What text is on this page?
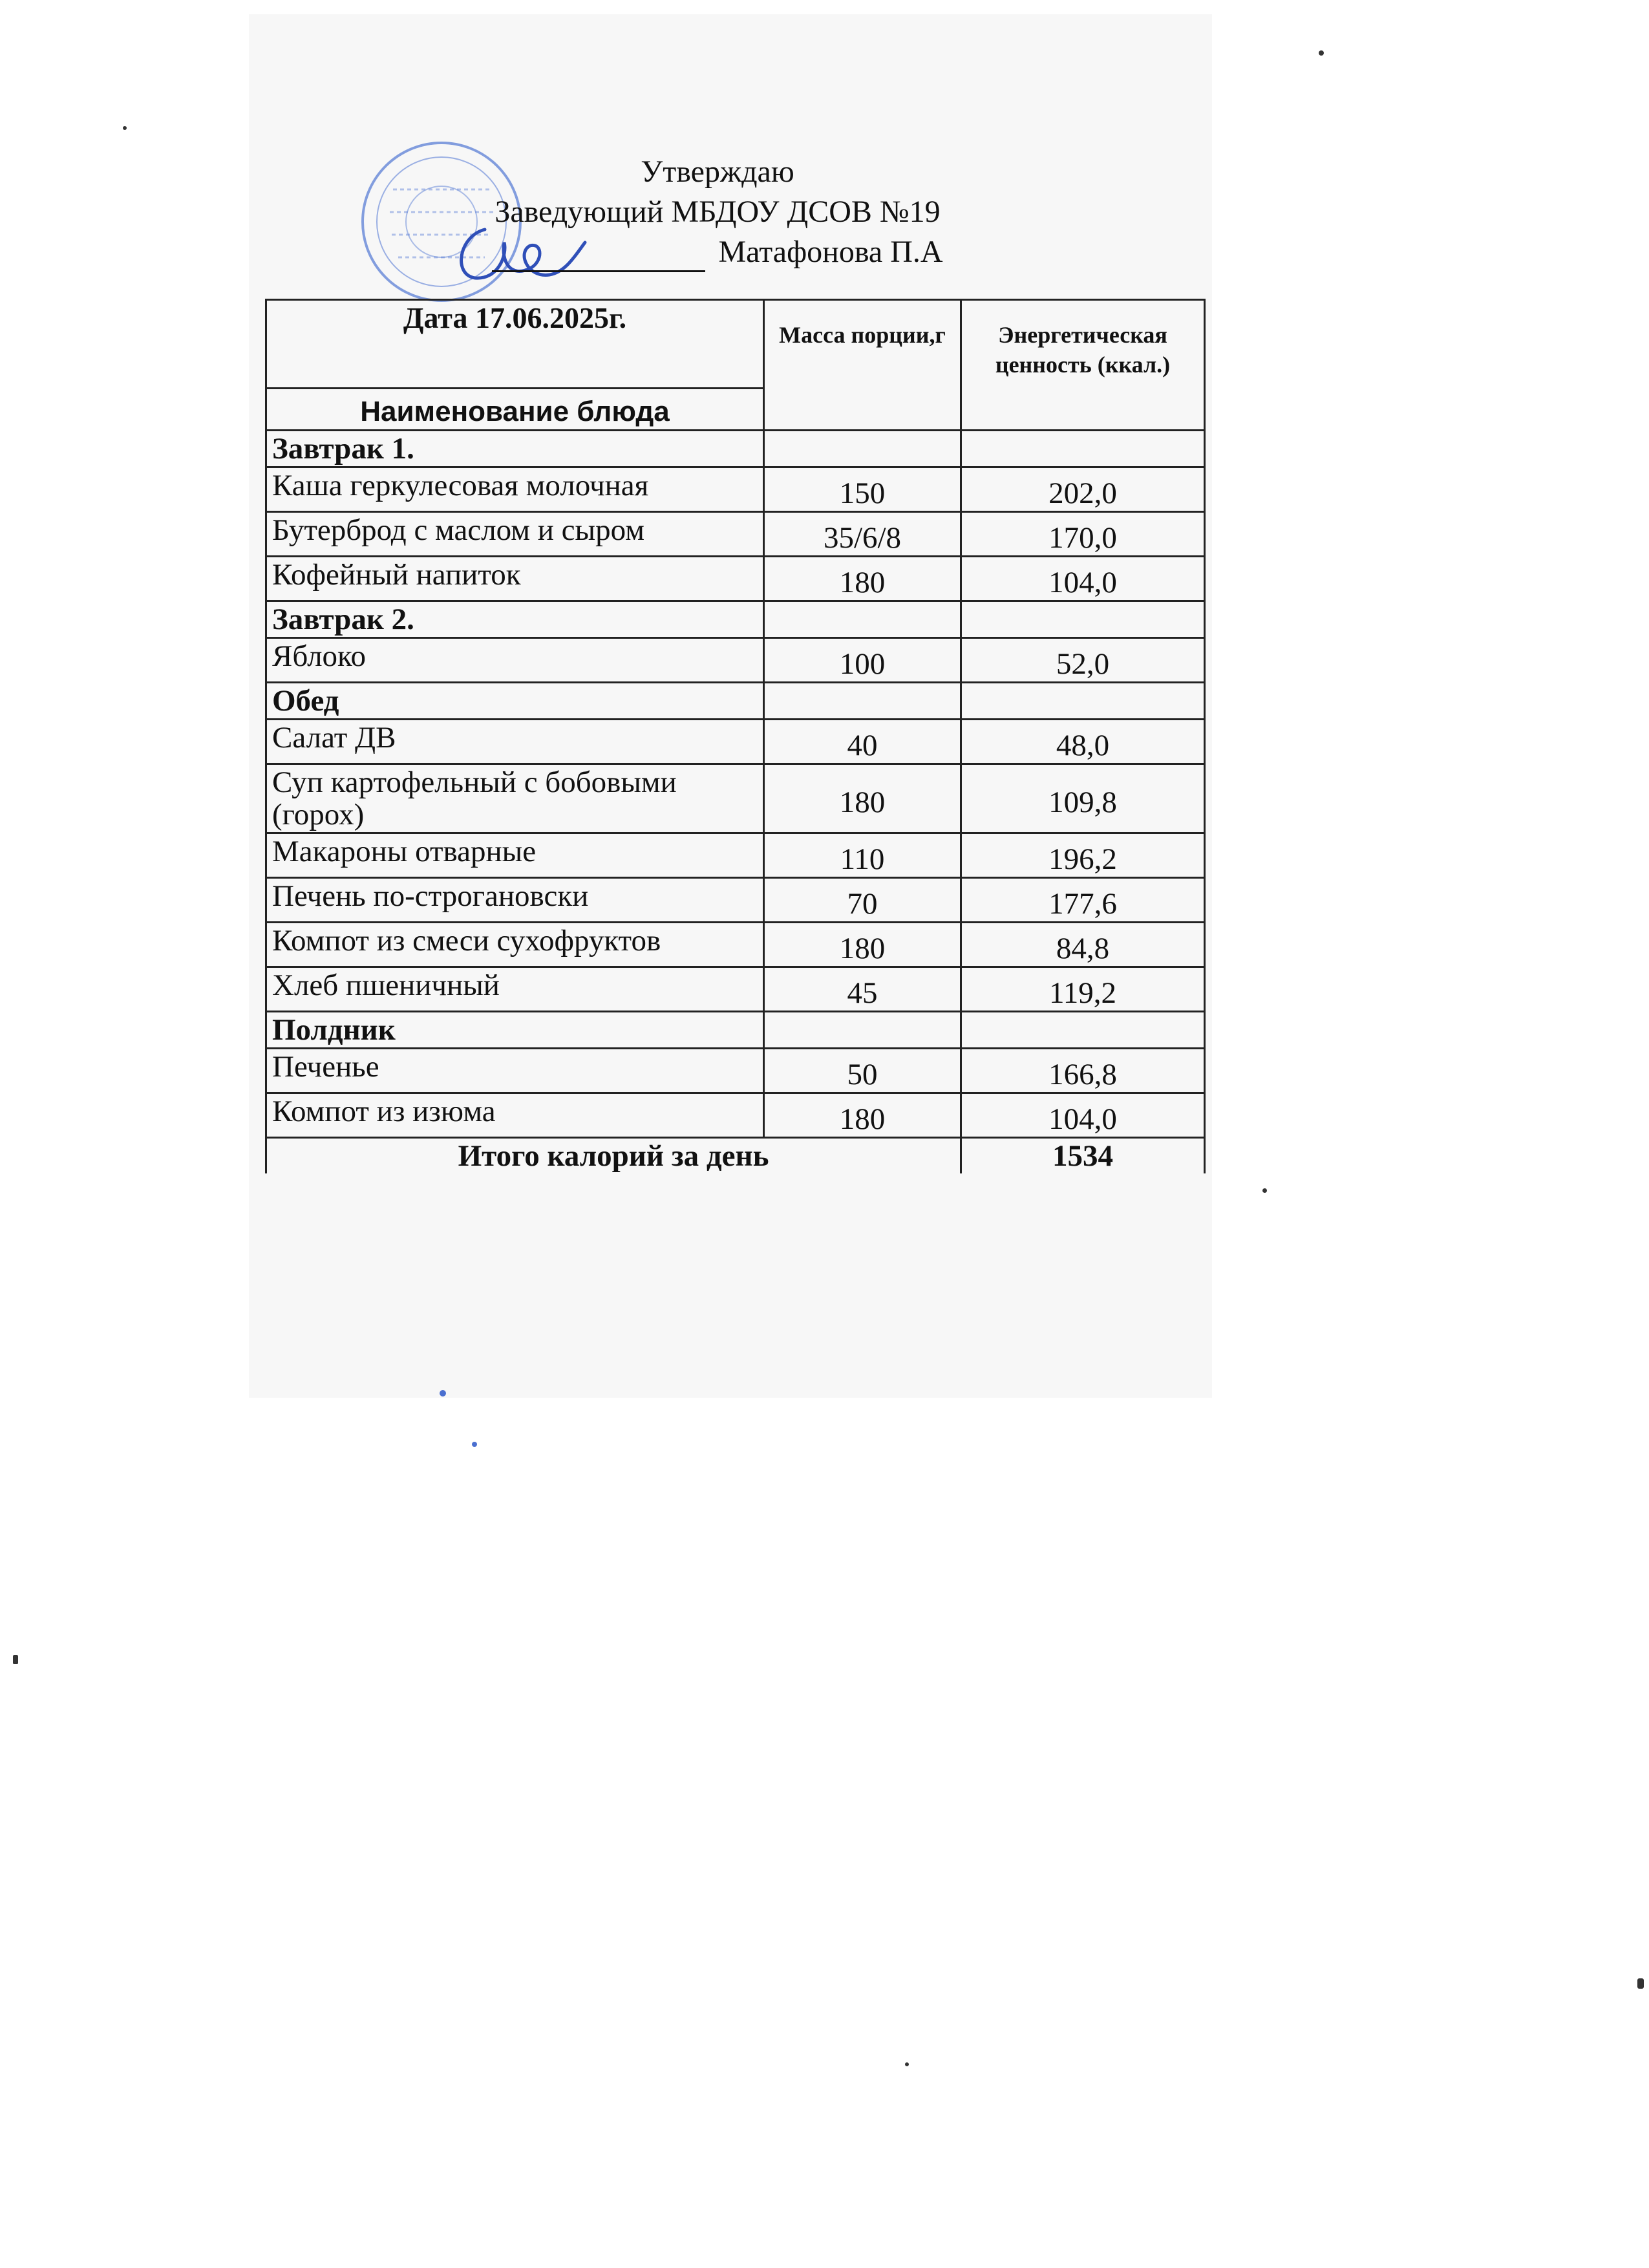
Утверждаю
Заведующий МБДОУ ДСОВ №19
Матафонова П.А
Дата 17.06.2025г.	Масса порции,г	Энергетическая ценность (ккал.)
Наименование блюда		
Завтрак 1.		
Каша геркулесовая молочная	150	202,0
Бутерброд с маслом и сыром	35/6/8	170,0
Кофейный напиток	180	104,0
Завтрак 2.		
Яблоко	100	52,0
Обед		
Салат ДВ	40	48,0
Суп картофельный с бобовыми (горох)	180	109,8
Макароны отварные	110	196,2
Печень по-строгановски	70	177,6
Компот из смеси сухофруктов	180	84,8
Хлеб пшеничный	45	119,2
Полдник		
Печенье	50	166,8
Компот из изюма	180	104,0
Итого калорий за день		1534
